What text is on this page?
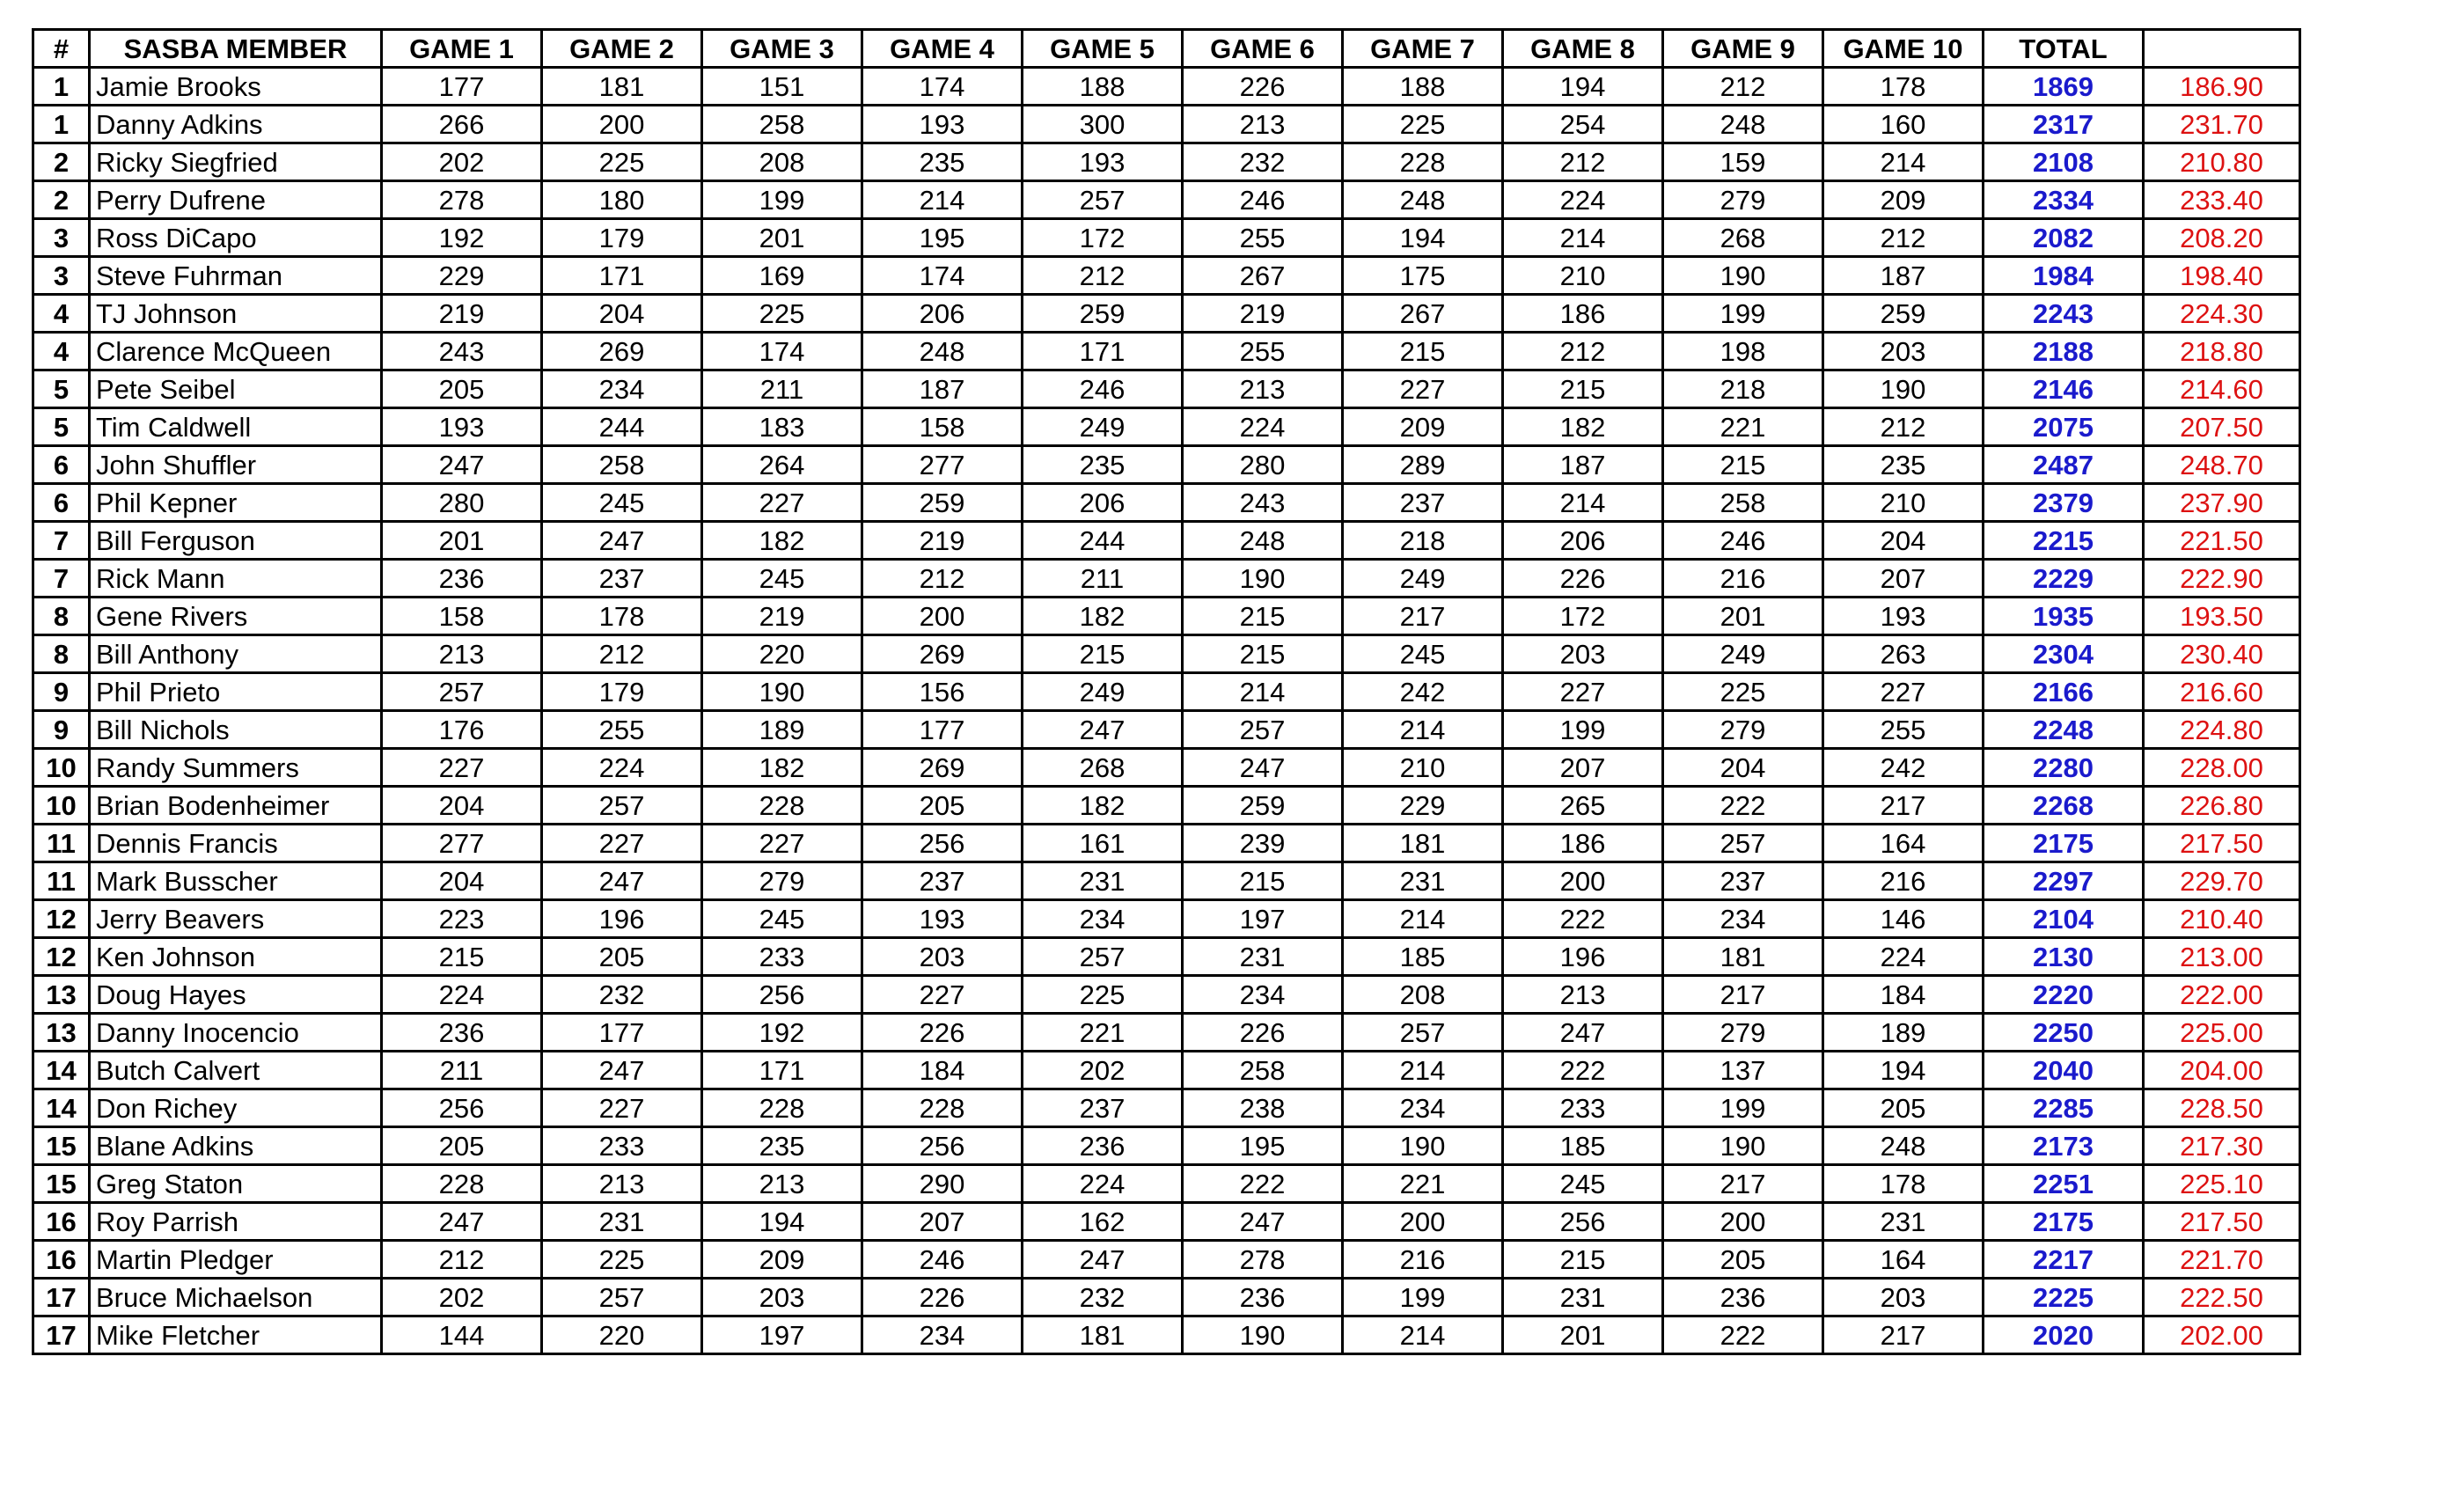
#	SASBA MEMBER	GAME 1	GAME 2	GAME 3	GAME 4	GAME 5	GAME 6	GAME 7	GAME 8	GAME 9	GAME 10	TOTAL	
1	Jamie Brooks	177	181	151	174	188	226	188	194	212	178	1869	186.90
1	Danny Adkins	266	200	258	193	300	213	225	254	248	160	2317	231.70
2	Ricky Siegfried	202	225	208	235	193	232	228	212	159	214	2108	210.80
2	Perry Dufrene	278	180	199	214	257	246	248	224	279	209	2334	233.40
3	Ross DiCapo	192	179	201	195	172	255	194	214	268	212	2082	208.20
3	Steve Fuhrman	229	171	169	174	212	267	175	210	190	187	1984	198.40
4	TJ Johnson	219	204	225	206	259	219	267	186	199	259	2243	224.30
4	Clarence McQueen	243	269	174	248	171	255	215	212	198	203	2188	218.80
5	Pete Seibel	205	234	211	187	246	213	227	215	218	190	2146	214.60
5	Tim Caldwell	193	244	183	158	249	224	209	182	221	212	2075	207.50
6	John Shuffler	247	258	264	277	235	280	289	187	215	235	2487	248.70
6	Phil Kepner	280	245	227	259	206	243	237	214	258	210	2379	237.90
7	Bill Ferguson	201	247	182	219	244	248	218	206	246	204	2215	221.50
7	Rick Mann	236	237	245	212	211	190	249	226	216	207	2229	222.90
8	Gene Rivers	158	178	219	200	182	215	217	172	201	193	1935	193.50
8	Bill Anthony	213	212	220	269	215	215	245	203	249	263	2304	230.40
9	Phil Prieto	257	179	190	156	249	214	242	227	225	227	2166	216.60
9	Bill Nichols	176	255	189	177	247	257	214	199	279	255	2248	224.80
10	Randy Summers	227	224	182	269	268	247	210	207	204	242	2280	228.00
10	Brian Bodenheimer	204	257	228	205	182	259	229	265	222	217	2268	226.80
11	Dennis Francis	277	227	227	256	161	239	181	186	257	164	2175	217.50
11	Mark Busscher	204	247	279	237	231	215	231	200	237	216	2297	229.70
12	Jerry Beavers	223	196	245	193	234	197	214	222	234	146	2104	210.40
12	Ken Johnson	215	205	233	203	257	231	185	196	181	224	2130	213.00
13	Doug Hayes	224	232	256	227	225	234	208	213	217	184	2220	222.00
13	Danny Inocencio	236	177	192	226	221	226	257	247	279	189	2250	225.00
14	Butch Calvert	211	247	171	184	202	258	214	222	137	194	2040	204.00
14	Don Richey	256	227	228	228	237	238	234	233	199	205	2285	228.50
15	Blane Adkins	205	233	235	256	236	195	190	185	190	248	2173	217.30
15	Greg Staton	228	213	213	290	224	222	221	245	217	178	2251	225.10
16	Roy Parrish	247	231	194	207	162	247	200	256	200	231	2175	217.50
16	Martin Pledger	212	225	209	246	247	278	216	215	205	164	2217	221.70
17	Bruce Michaelson	202	257	203	226	232	236	199	231	236	203	2225	222.50
17	Mike Fletcher	144	220	197	234	181	190	214	201	222	217	2020	202.00
